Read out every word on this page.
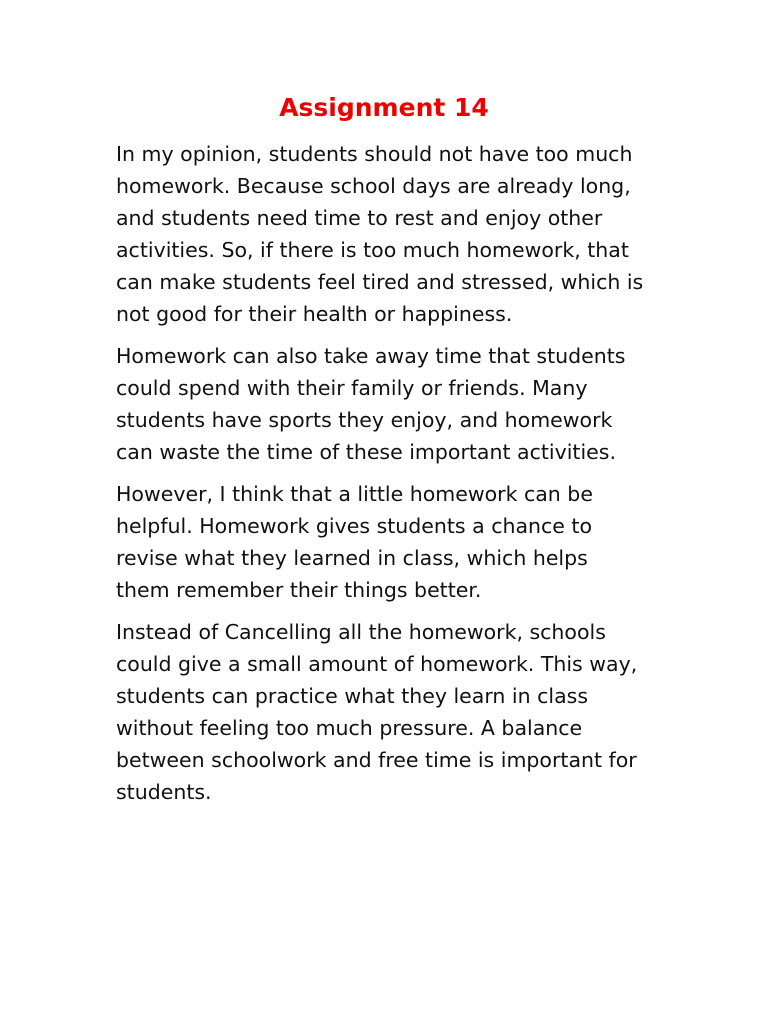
Assignment 14

In my opinion, students should not have too much
homework. Because school days are already long,
and students need time to rest and enjoy other
activities. So, if there is too much homework, that
can make students feel tired and stressed, which is
not good for their health or happiness.

Homework can also take away time that students
could spend with their family or friends. Many
students have sports they enjoy, and homework
can waste the time of these important activities.

However, I think that a little homework can be
helpful. Homework gives students a chance to
revise what they learned in class, which helps
them remember their things better.

Instead of Cancelling all the homework, schools
could give a small amount of homework. This way,
students can practice what they learn in class
without feeling too much pressure. A balance
between schoolwork and free time is important for
students.
